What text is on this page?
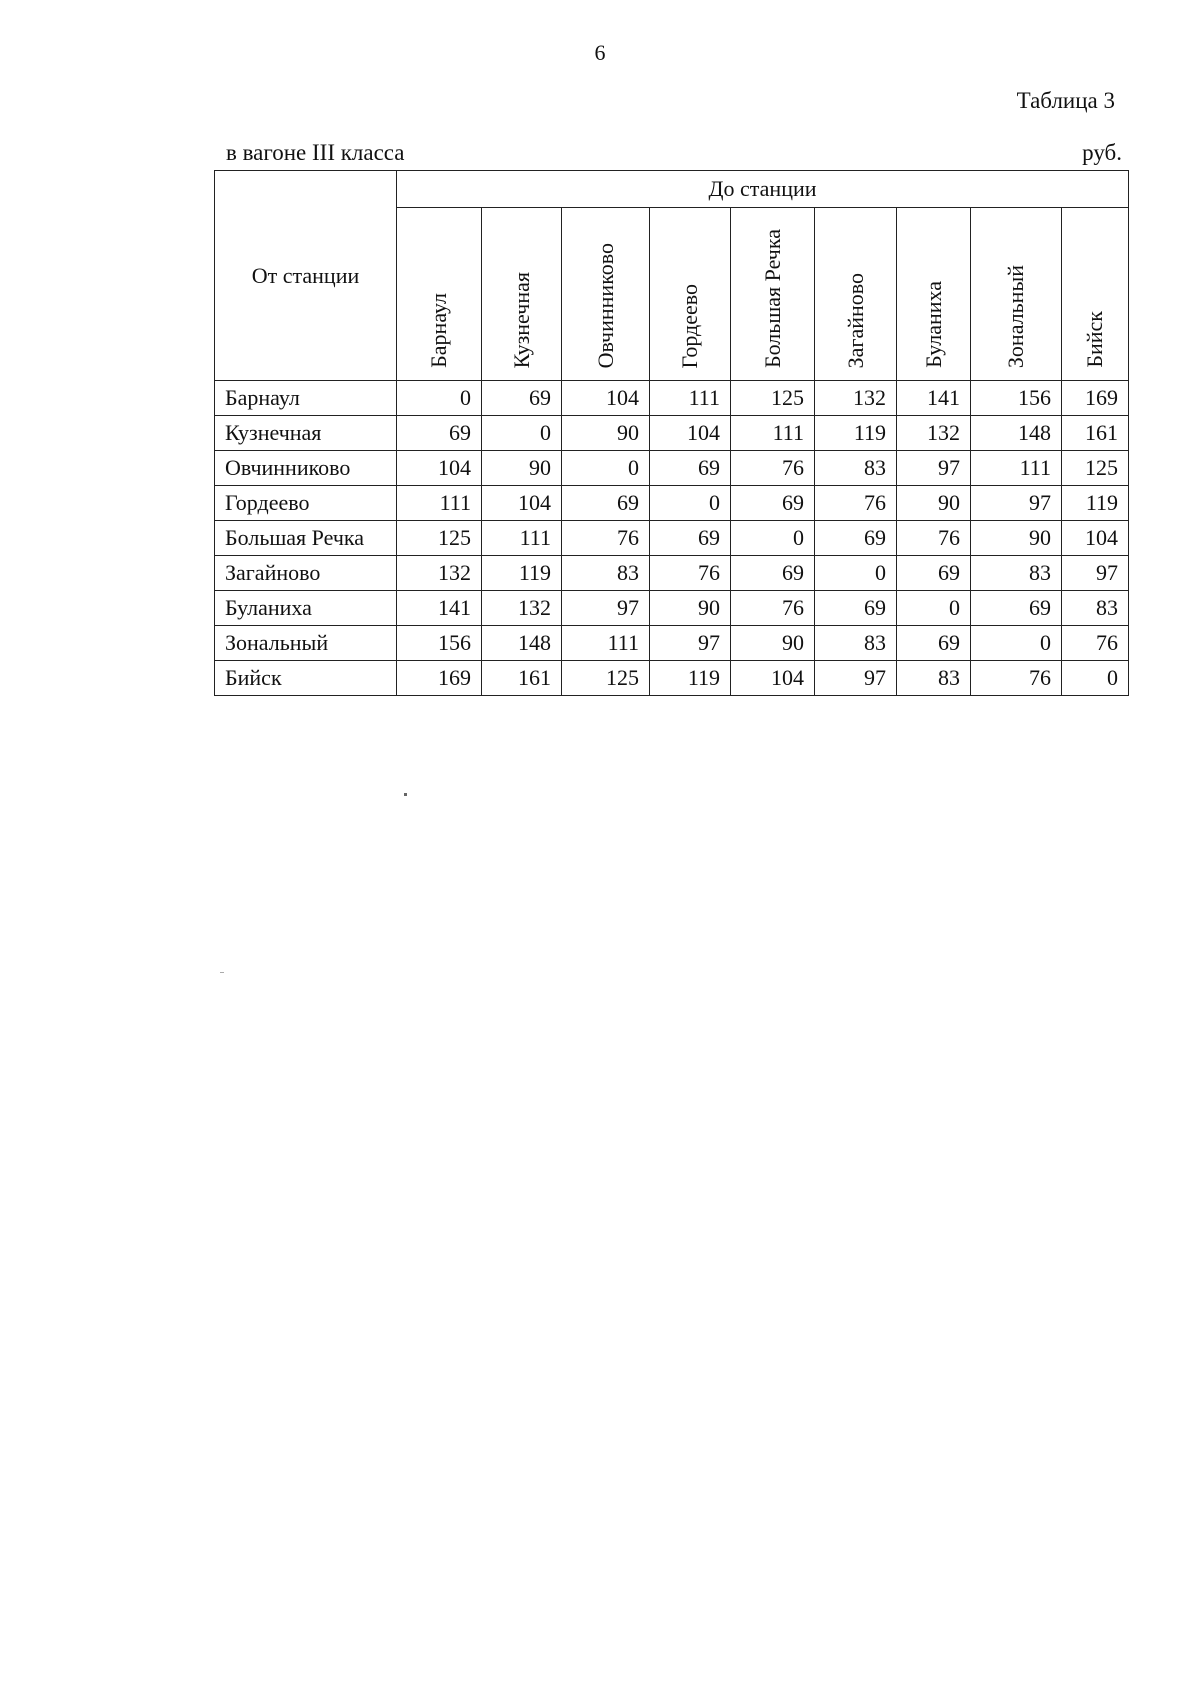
6
Таблица 3
в вагоне III класса	руб.
От станции	До станции								

	Барнаул	Кузнечная	Овчинниково	Гордеево	Большая Речка	Загайново	Буланиха	Зональный	Бийск

Барнаул	0	69	104	111	125	132	141	156	169
Кузнечная	69	0	90	104	111	119	132	148	161
Овчинниково	104	90	0	69	76	83	97	111	125
Гордеево	111	104	69	0	69	76	90	97	119
Большая Речка	125	111	76	69	0	69	76	90	104
Загайново	132	119	83	76	69	0	69	83	97
Буланиха	141	132	97	90	76	69	0	69	83
Зональный	156	148	111	97	90	83	69	0	76
Бийск	169	161	125	119	104	97	83	76	0
